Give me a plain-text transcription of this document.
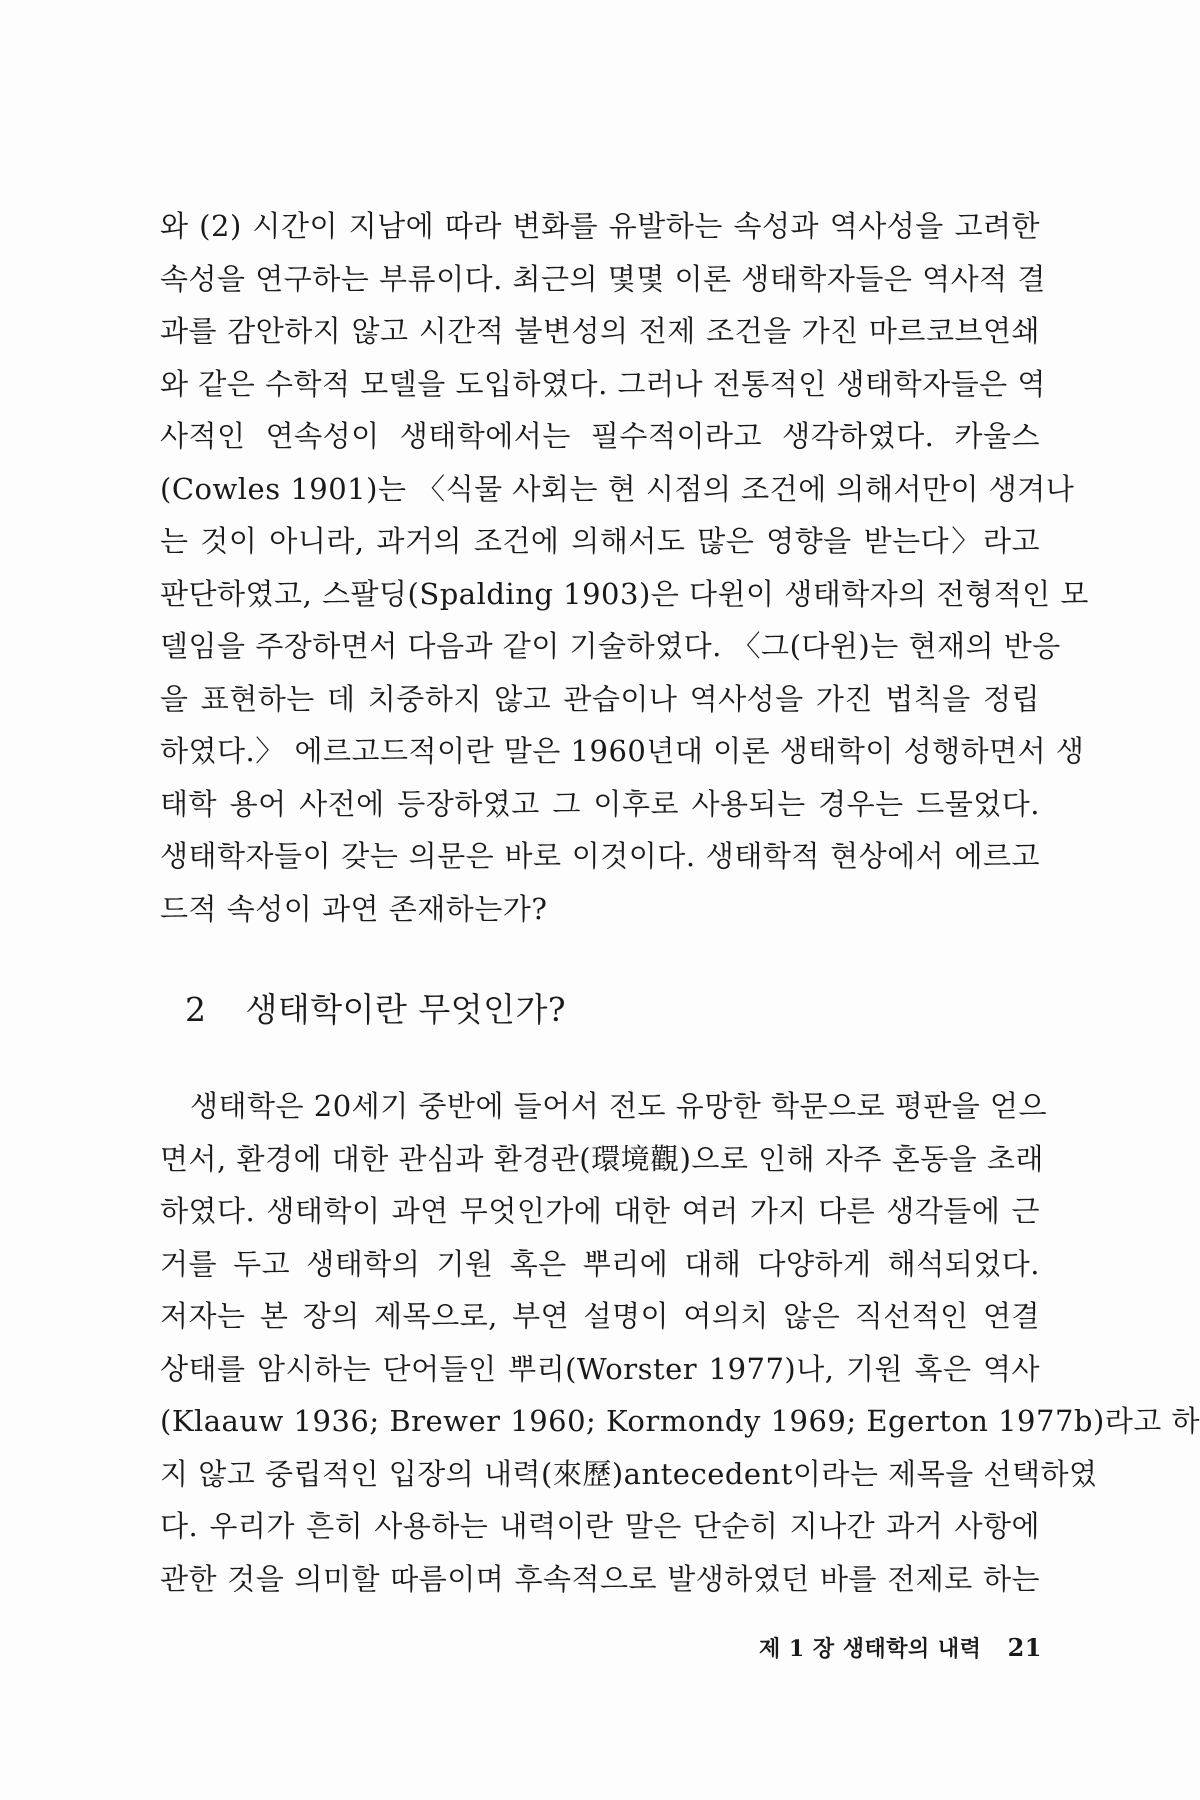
와 (2) 시간이 지남에 따라 변화를 유발하는 속성과 역사성을 고려한
속성을 연구하는 부류이다. 최근의 몇몇 이론 생태학자들은 역사적 결
과를 감안하지 않고 시간적 불변성의 전제 조건을 가진 마르코브연쇄
와 같은 수학적 모델을 도입하였다. 그러나 전통적인 생태학자들은 역
사적인 연속성이 생태학에서는 필수적이라고 생각하였다. 카울스
(Cowles 1901)는 〈식물 사회는 현 시점의 조건에 의해서만이 생겨나
는 것이 아니라, 과거의 조건에 의해서도 많은 영향을 받는다〉라고
판단하였고, 스팔딩(Spalding 1903)은 다윈이 생태학자의 전형적인 모
델임을 주장하면서 다음과 같이 기술하였다. 〈그(다윈)는 현재의 반응
을 표현하는 데 치중하지 않고 관습이나 역사성을 가진 법칙을 정립
하였다.〉 에르고드적이란 말은 1960년대 이론 생태학이 성행하면서 생
태학 용어 사전에 등장하였고 그 이후로 사용되는 경우는 드물었다.
생태학자들이 갖는 의문은 바로 이것이다. 생태학적 현상에서 에르고
드적 속성이 과연 존재하는가?
2 생태학이란 무엇인가?
생태학은 20세기 중반에 들어서 전도 유망한 학문으로 평판을 얻으
면서, 환경에 대한 관심과 환경관(環境觀)으로 인해 자주 혼동을 초래
하였다. 생태학이 과연 무엇인가에 대한 여러 가지 다른 생각들에 근
거를 두고 생태학의 기원 혹은 뿌리에 대해 다양하게 해석되었다.
저자는 본 장의 제목으로, 부연 설명이 여의치 않은 직선적인 연결
상태를 암시하는 단어들인 뿌리(Worster 1977)나, 기원 혹은 역사
(Klaauw 1936; Brewer 1960; Kormondy 1969; Egerton 1977b)라고 하
지 않고 중립적인 입장의 내력(來歷)antecedent이라는 제목을 선택하였
다. 우리가 흔히 사용하는 내력이란 말은 단순히 지나간 과거 사항에
관한 것을 의미할 따름이며 후속적으로 발생하였던 바를 전제로 하는
제 1 장 생태학의 내력 21
